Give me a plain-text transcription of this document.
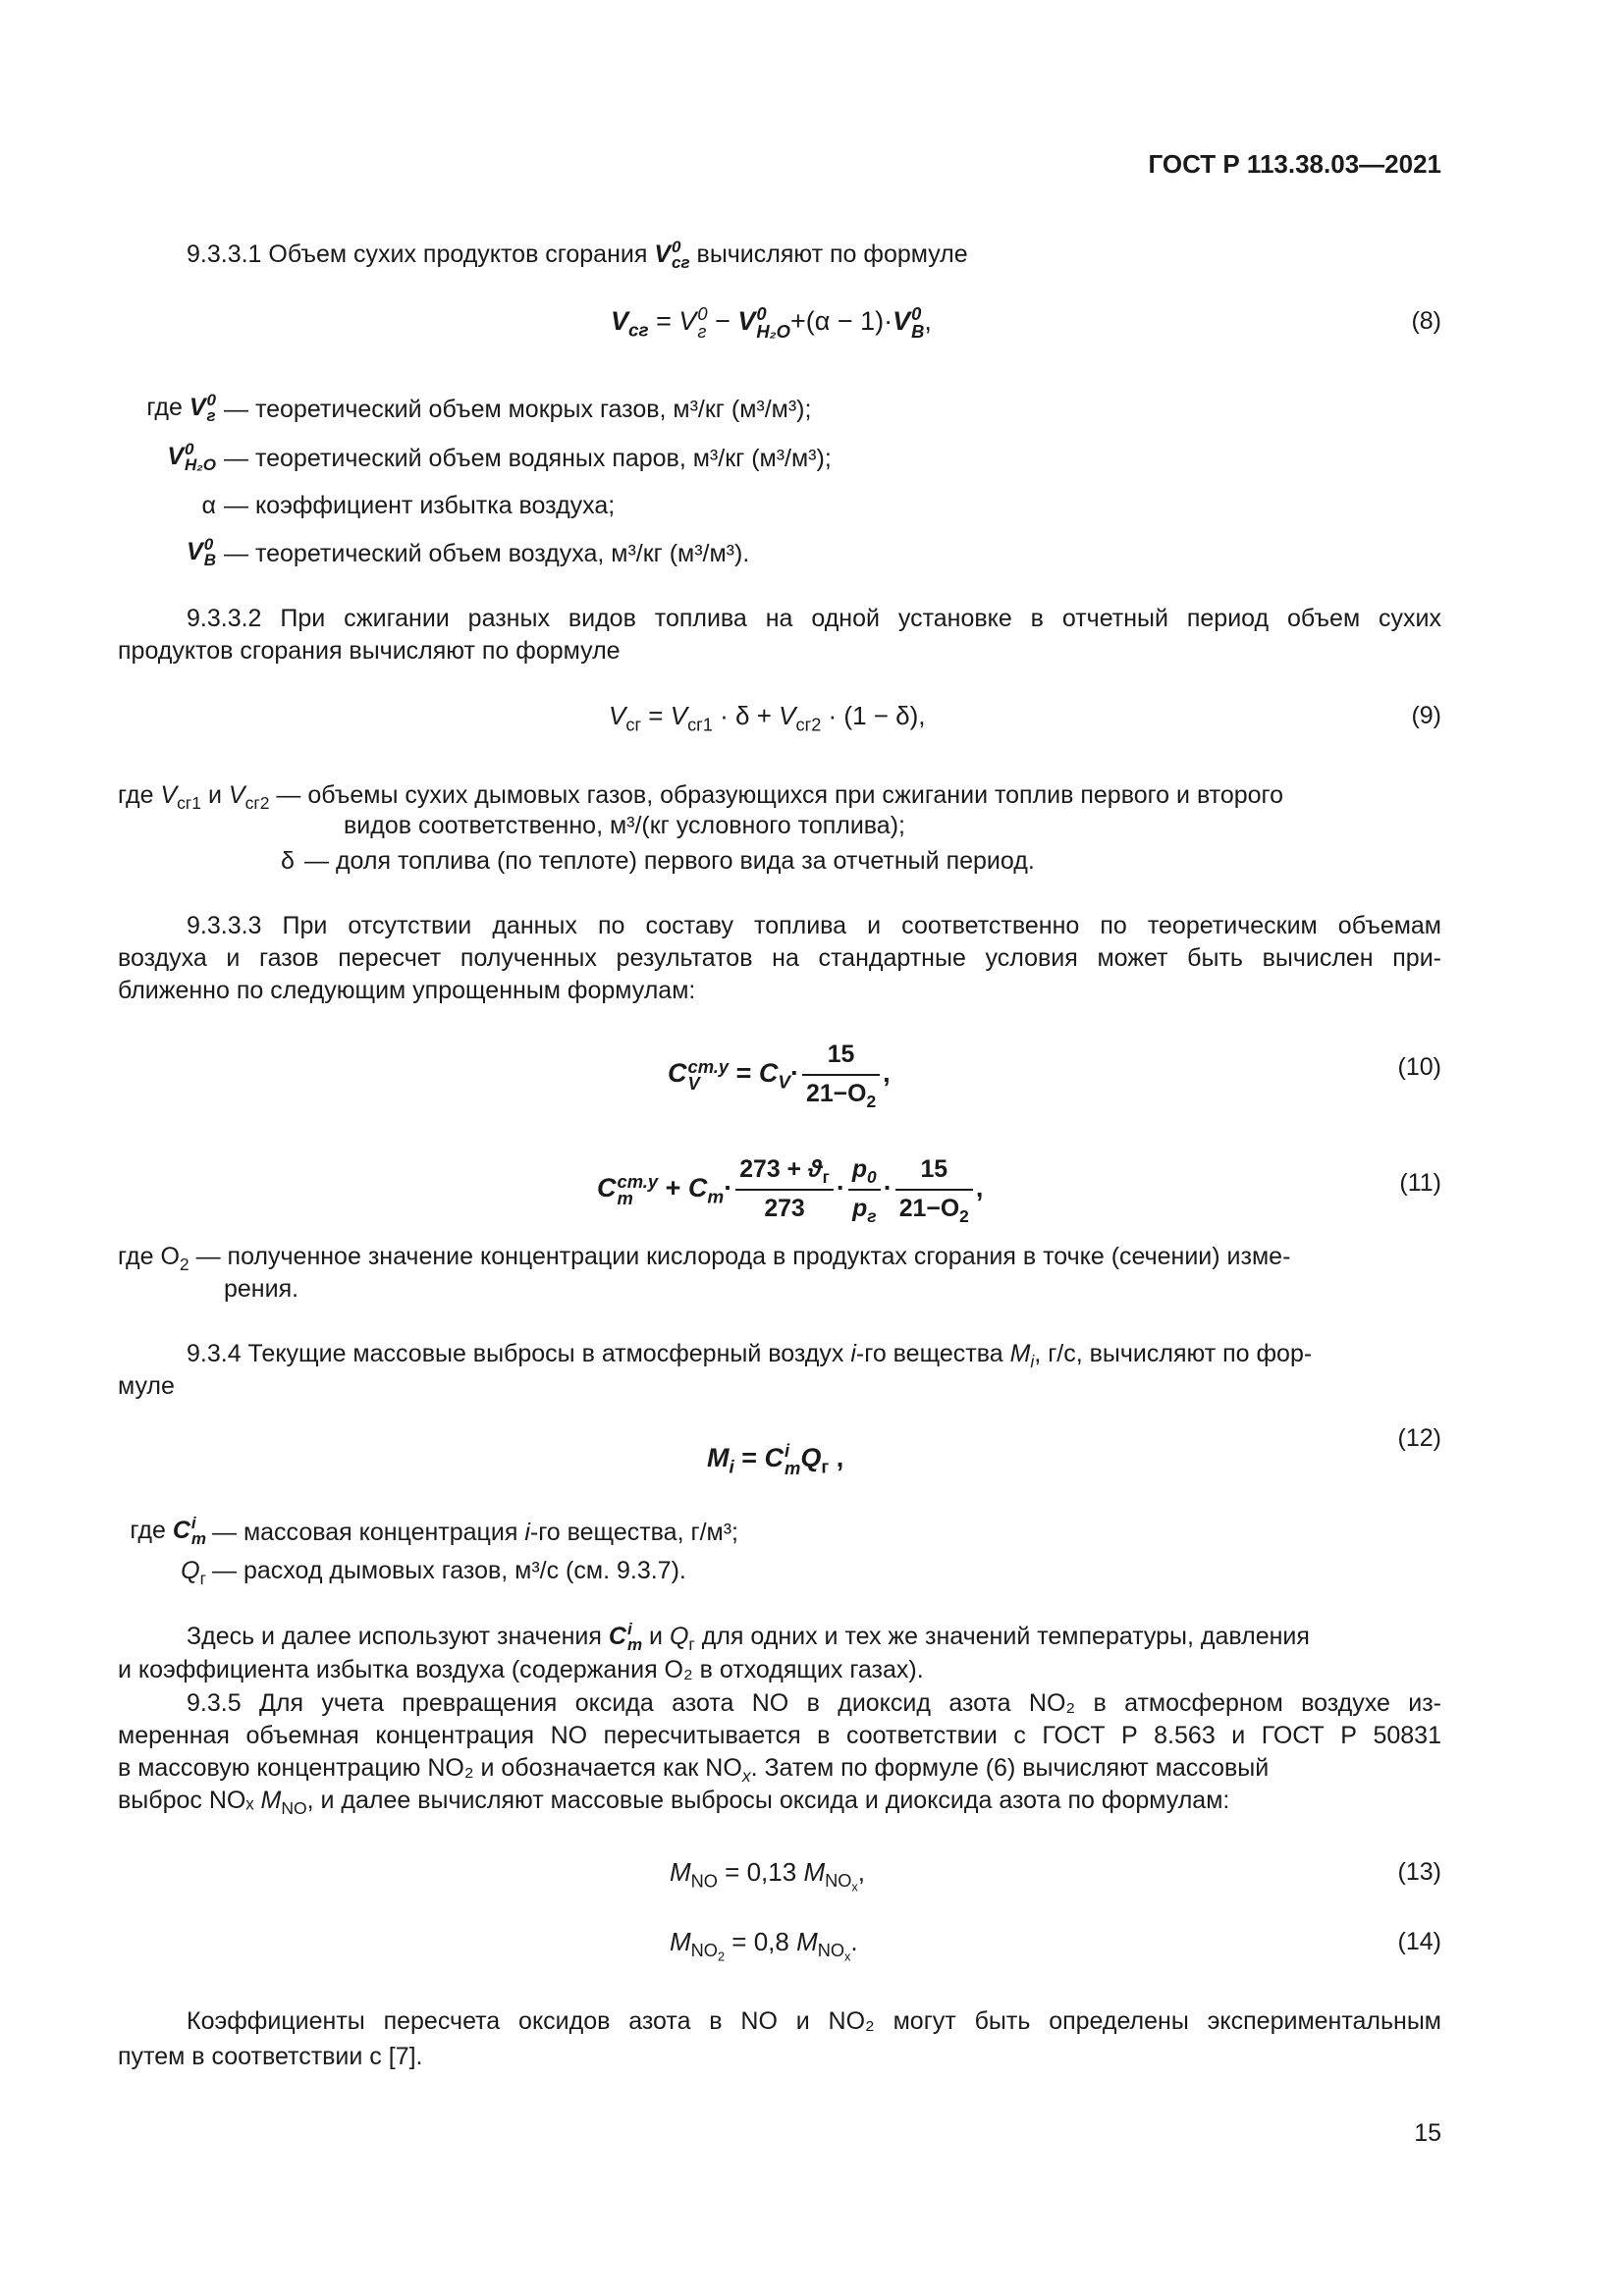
ГОСТ Р 113.38.03—2021
9.3.3.1 Объем сухих продуктов сгорания V 0
сг вычисляют по формуле
$V_{сг} = V$ 0
г − V 0
H₂O +(α − 1)·V 0
В ,	(8)
где V 0
г — теоретический объем мокрых газов, м³/кг (м³/м³);
V 0
H₂O — теоретический объем водяных паров, м³/кг (м³/м³);
α — коэффициент избытка воздуха;
V 0
В — теоретический объем воздуха, м³/кг (м³/м³).
9.3.3.2 При сжигании разных видов топлива на одной установке в отчетный период объем сухих
продуктов сгорания вычисляют по формуле
$V_{сг} = V_{сг1} \cdot \delta + V_{сг2} \cdot (1 - \delta)$,	(9)
где $V_{сг1}$ и $V_{сг2}$ — объемы сухих дымовых газов, образующихся при сжигании топлив первого и второго
видов соответственно, м³/(кг условного топлива);
δ — доля топлива (по теплоте) первого вида за отчетный период.
9.3.3.3 При отсутствии данных по составу топлива и соответственно по теоретическим объемам
воздуха и газов пересчет полученных результатов на стандартные условия может быть вычислен при-
ближенно по следующим упрощенным формулам:
C ст.у
V	= $C_V\cdot \frac{15}{21-O_2}$ ,	(10)
C ст.у
m	+ $C_m\cdot \frac{273 + ϑ_г}{273} \cdot \frac{p_0}{p_г} \cdot \frac{15}{21-O_2}$ ,	(11)
где $O_2$ — полученное значение концентрации кислорода в продуктах сгорания в точке (сечении) изме-
рения.
9.3.4 Текущие массовые выбросы в атмосферный воздух i-го вещества $M_i$, г/с, вычисляют по фор-
муле
$M_i = C$ i
m $Q_г$ ,
(12)
где C i
m — массовая концентрация i-го вещества, г/м³;
$Q_г$ — расход дымовых газов, м³/с (см. 9.3.7).
Здесь и далее используют значения C i
m и $Q_г$ для одних и тех же значений температуры, давления
и коэффициента избытка воздуха (содержания O₂ в отходящих газах).
9.3.5 Для учета превращения оксида азота NO в диоксид азота NO₂ в атмосферном воздухе из-
меренная объемная концентрация NO пересчитывается в соответствии с ГОСТ Р 8.563 и ГОСТ Р 50831
в массовую концентрацию NO₂ и обозначается как $NO_x$. Затем по формуле (6) вычисляют массовый
выброс NOₓ $M_{NO}$, и далее вычисляют массовые выбросы оксида и диоксида азота по формулам:
$M_{NO} = 0,13$ $M_{NO_x}$,	(13)
$M_{NO_2} = 0,8$ $M_{NO_x}$.	(14)
Коэффициенты пересчета оксидов азота в NO и NO₂ могут быть определены экспериментальным
путем в соответствии с [7].
15
